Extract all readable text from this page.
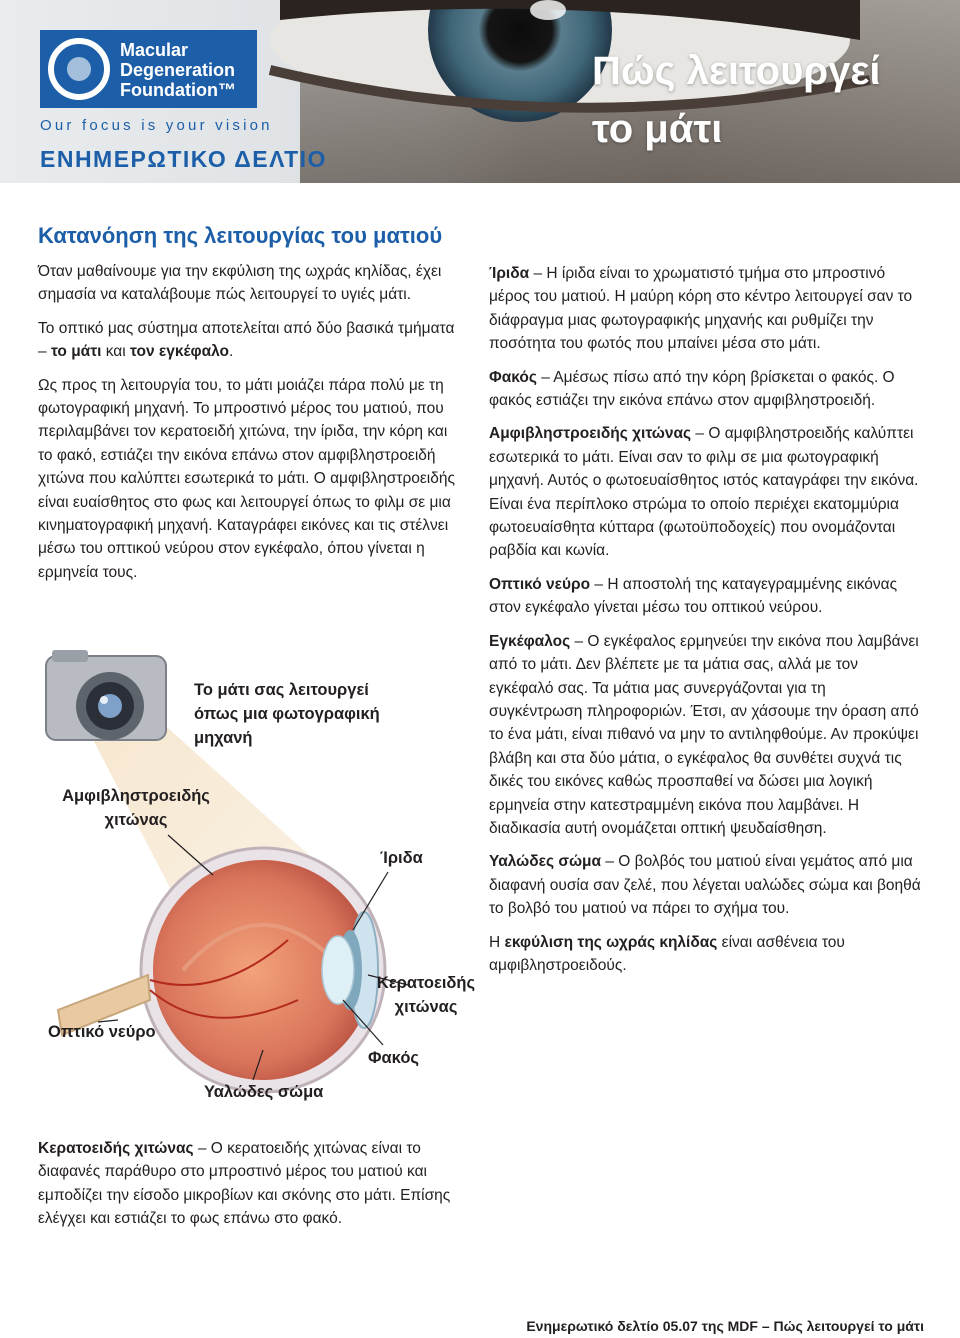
Macular
Degeneration
Foundation™
Our focus is your vision
ΕΝΗΜΕΡΩΤΙΚΟ ΔΕΛΤΙΟ
Πώς λειτουργεί
το μάτι
Κατανόηση της λειτουργίας του ματιού

Όταν μαθαίνουμε για την εκφύλιση της ωχράς κηλίδας, έχει σημασία να καταλάβουμε πώς λειτουργεί το υγιές μάτι.

Το οπτικό μας σύστημα αποτελείται από δύο βασικά τμήματα – το μάτι και τον εγκέφαλο.

Ως προς τη λειτουργία του, το μάτι μοιάζει πάρα πολύ με τη φωτογραφική μηχανή. Το μπροστινό μέρος του ματιού, που περιλαμβάνει τον κερατοειδή χιτώνα, την ίριδα, την κόρη και το φακό, εστιάζει την εικόνα επάνω στον αμφιβληστροειδή χιτώνα που καλύπτει εσωτερικά το μάτι. Ο αμφιβληστροειδής είναι ευαίσθητος στο φως και λειτουργεί όπως το φιλμ σε μια κινηματογραφική μηχανή. Καταγράφει εικόνες και τις στέλνει μέσω του οπτικού νεύρου στον εγκέφαλο, όπου γίνεται η ερμηνεία τους.

Το μάτι σας λειτουργεί όπως μια φωτογραφική μηχανή
Αμφιβληστροειδής χιτώνας
Ίριδα
Κερατοειδής χιτώνας
Φακός
Οπτικό νεύρο
Υαλώδες σώμα

Κερατοειδής χιτώνας – Ο κερατοειδής χιτώνας είναι το διαφανές παράθυρο στο μπροστινό μέρος του ματιού και εμποδίζει την είσοδο μικροβίων και σκόνης στο μάτι. Επίσης ελέγχει και εστιάζει το φως επάνω στο φακό.

Ίριδα – Η ίριδα είναι το χρωματιστό τμήμα στο μπροστινό μέρος του ματιού. Η μαύρη κόρη στο κέντρο λειτουργεί σαν το διάφραγμα μιας φωτογραφικής μηχανής και ρυθμίζει την ποσότητα του φωτός που μπαίνει μέσα στο μάτι.

Φακός – Αμέσως πίσω από την κόρη βρίσκεται ο φακός. Ο φακός εστιάζει την εικόνα επάνω στον αμφιβληστροειδή.

Αμφιβληστροειδής χιτώνας – Ο αμφιβληστροειδής καλύπτει εσωτερικά το μάτι. Είναι σαν το φιλμ σε μια φωτογραφική μηχανή. Αυτός ο φωτοευαίσθητος ιστός καταγράφει την εικόνα. Είναι ένα περίπλοκο στρώμα το οποίο περιέχει εκατομμύρια φωτοευαίσθητα κύτταρα (φωτοϋποδοχείς) που ονομάζονται ραβδία και κωνία.

Οπτικό νεύρο – Η αποστολή της καταγεγραμμένης εικόνας στον εγκέφαλο γίνεται μέσω του οπτικού νεύρου.

Εγκέφαλος – Ο εγκέφαλος ερμηνεύει την εικόνα που λαμβάνει από το μάτι. Δεν βλέπετε με τα μάτια σας, αλλά με τον εγκέφαλό σας. Τα μάτια μας συνεργάζονται για τη συγκέντρωση πληροφοριών. Έτσι, αν χάσουμε την όραση από το ένα μάτι, είναι πιθανό να μην το αντιληφθούμε. Αν προκύψει βλάβη και στα δύο μάτια, ο εγκέφαλος θα συνθέτει συχνά τις δικές του εικόνες καθώς προσπαθεί να δώσει μια λογική ερμηνεία στην κατεστραμμένη εικόνα που λαμβάνει. Η διαδικασία αυτή ονομάζεται οπτική ψευδαίσθηση.

Υαλώδες σώμα – Ο βολβός του ματιού είναι γεμάτος από μια διαφανή ουσία σαν ζελέ, που λέγεται υαλώδες σώμα και βοηθά το βολβό του ματιού να πάρει το σχήμα του.

Η εκφύλιση της ωχράς κηλίδας είναι ασθένεια του αμφιβληστροειδούς.

Ενημερωτικό δελτίο 05.07 της MDF – Πώς λειτουργεί το μάτι
